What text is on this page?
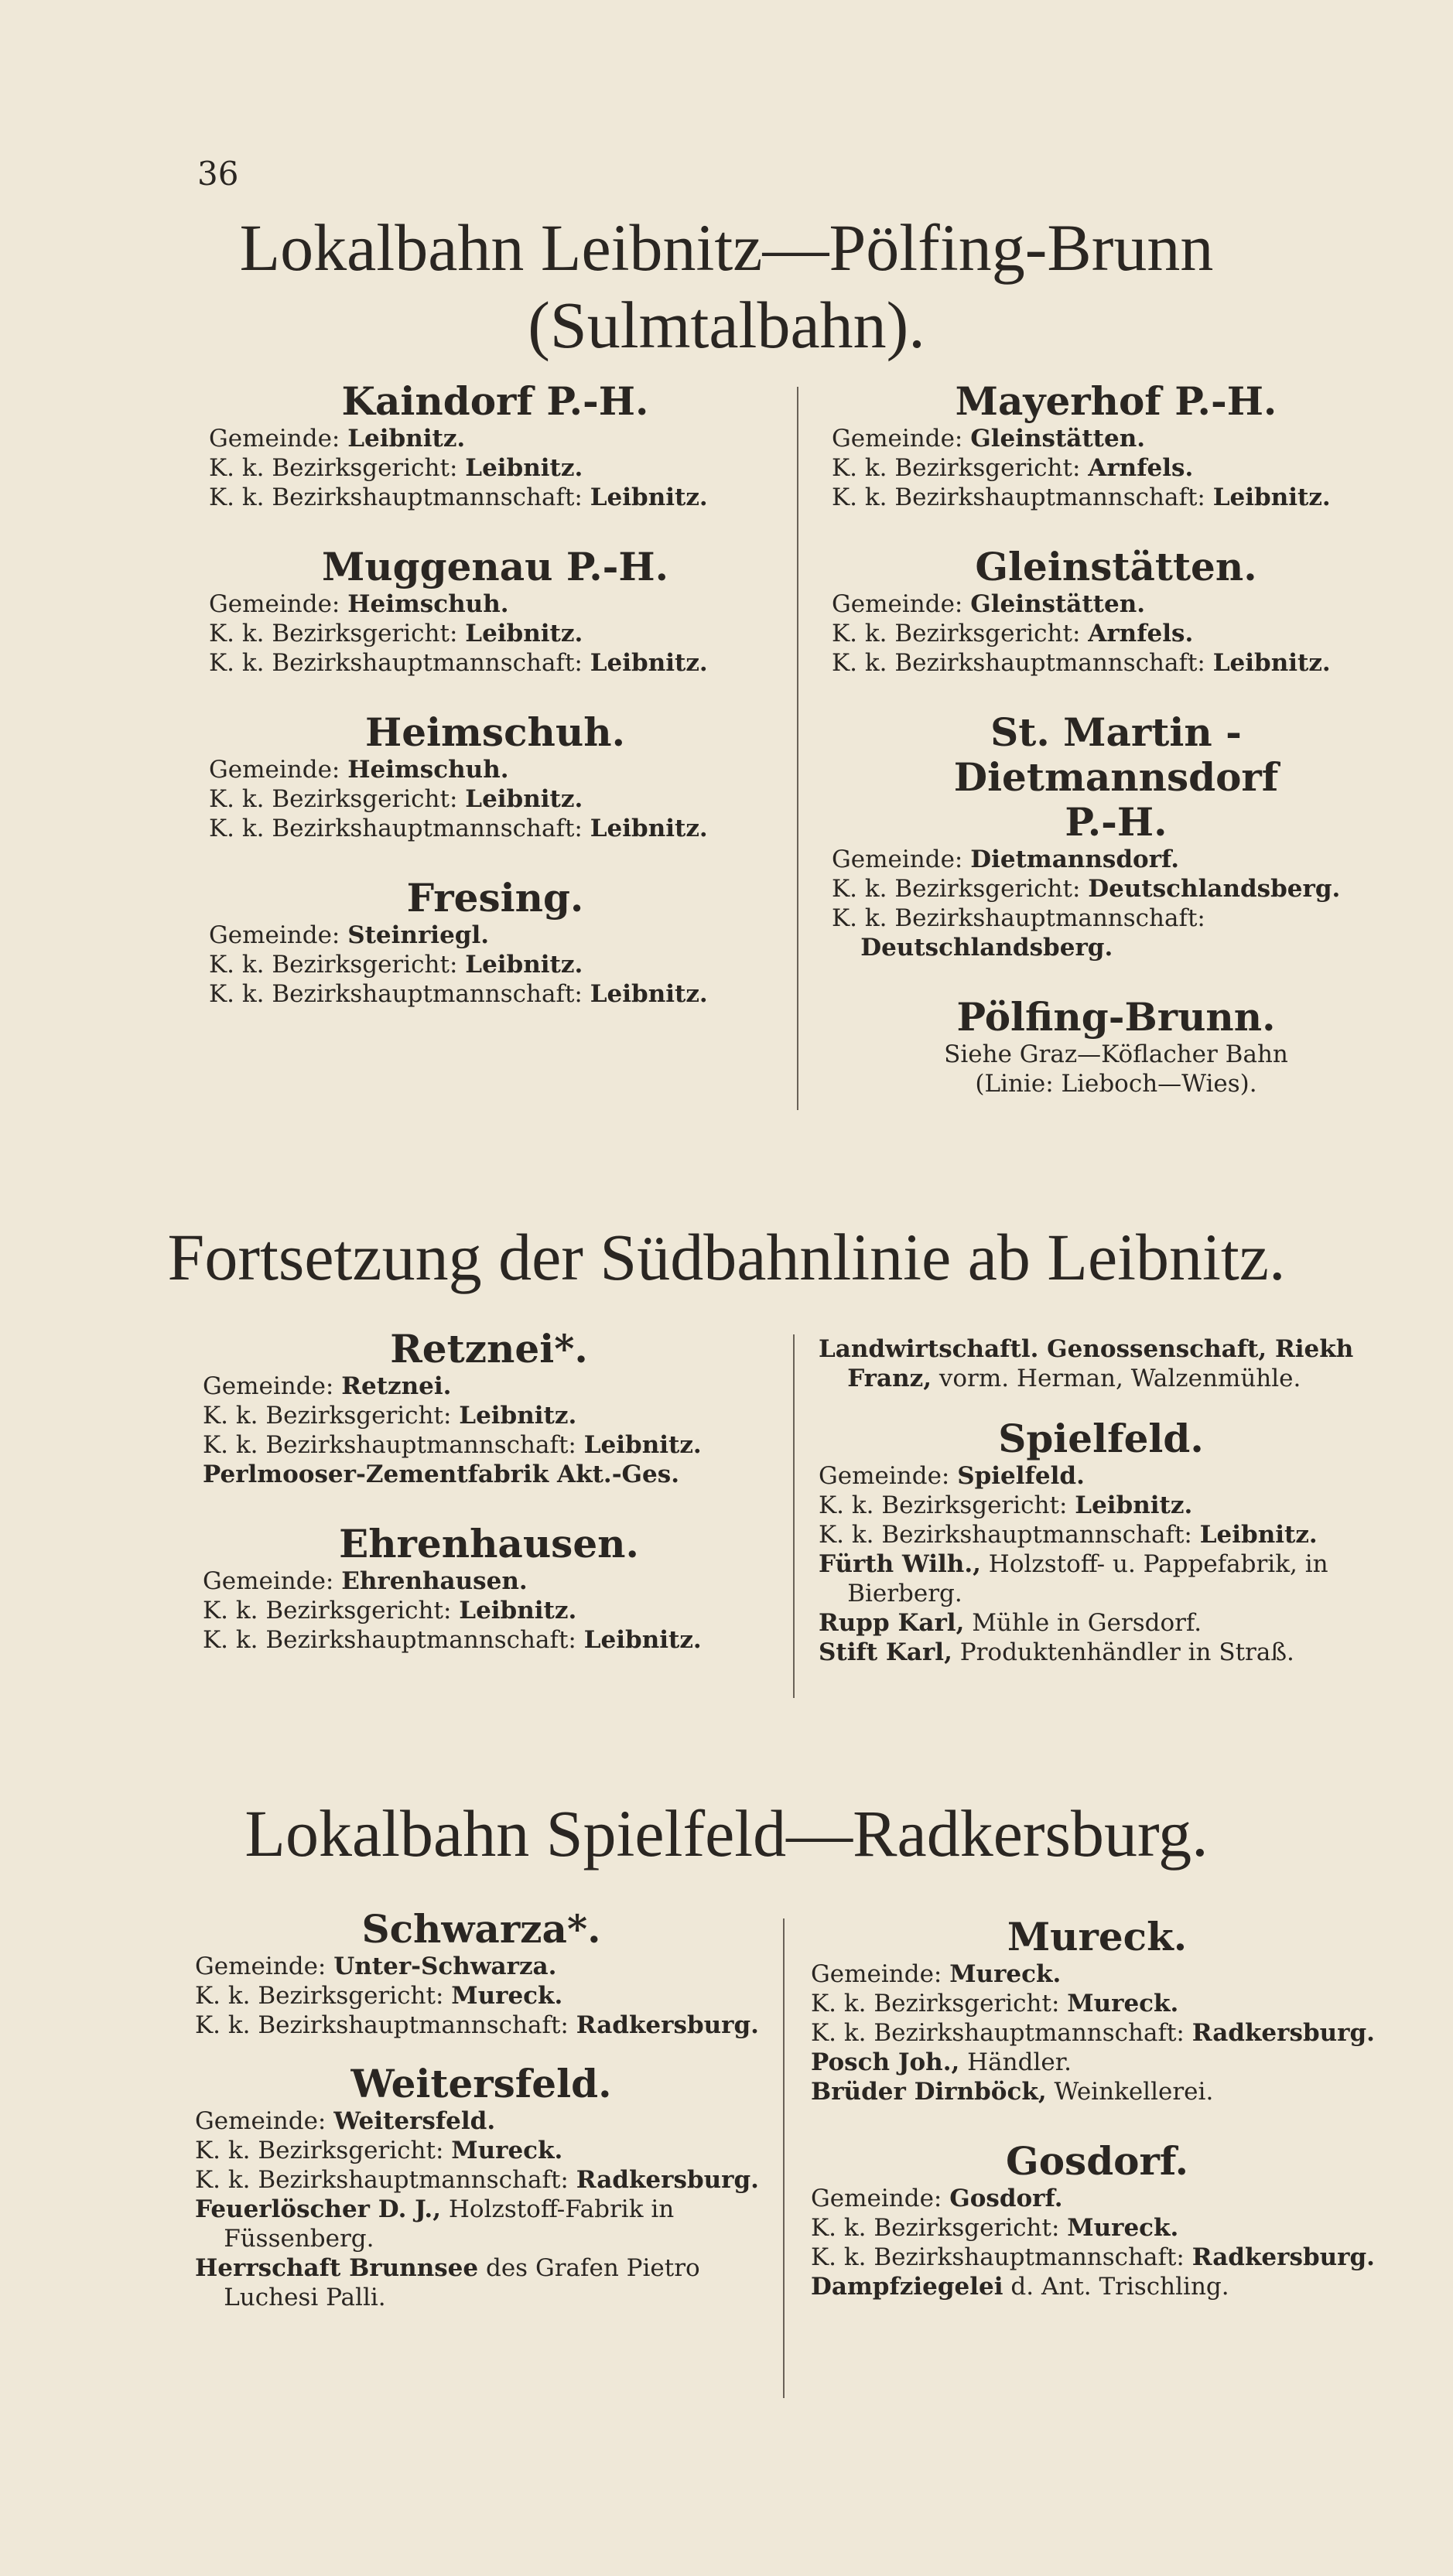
36
Lokalbahn Leibnitz—Pölfing-Brunn
(Sulmtalbahn).
Kaindorf P.-H.
Gemeinde: Leibnitz.
K. k. Bezirksgericht: Leibnitz.
K. k. Bezirkshauptmannschaft: Leibnitz.
Muggenau P.-H.
Gemeinde: Heimschuh.
K. k. Bezirksgericht: Leibnitz.
K. k. Bezirkshauptmannschaft: Leibnitz.
Heimschuh.
Gemeinde: Heimschuh.
K. k. Bezirksgericht: Leibnitz.
K. k. Bezirkshauptmannschaft: Leibnitz.
Fresing.
Gemeinde: Steinriegl.
K. k. Bezirksgericht: Leibnitz.
K. k. Bezirkshauptmannschaft: Leibnitz.
Mayerhof P.-H.
Gemeinde: Gleinstätten.
K. k. Bezirksgericht: Arnfels.
K. k. Bezirkshauptmannschaft: Leibnitz.
Gleinstätten.
Gemeinde: Gleinstätten.
K. k. Bezirksgericht: Arnfels.
K. k. Bezirkshauptmannschaft: Leibnitz.
St. Martin - Dietmannsdorf
P.-H.
Gemeinde: Dietmannsdorf.
K. k. Bezirksgericht: Deutschlandsberg.
K. k. Bezirkshauptmannschaft: Deutschlandsberg.
Pölfing-Brunn.
Siehe Graz—Köflacher Bahn
(Linie: Lieboch—Wies).
Fortsetzung der Südbahnlinie ab Leibnitz.
Retznei*.
Gemeinde: Retznei.
K. k. Bezirksgericht: Leibnitz.
K. k. Bezirkshauptmannschaft: Leibnitz.
Perlmooser-Zementfabrik Akt.-Ges.
Ehrenhausen.
Gemeinde: Ehrenhausen.
K. k. Bezirksgericht: Leibnitz.
K. k. Bezirkshauptmannschaft: Leibnitz.
Landwirtschaftl. Genossenschaft, Riekh Franz, vorm. Herman, Walzenmühle.
Spielfeld.
Gemeinde: Spielfeld.
K. k. Bezirksgericht: Leibnitz.
K. k. Bezirkshauptmannschaft: Leibnitz.
Fürth Wilh., Holzstoff- u. Pappefabrik, in Bierberg.
Rupp Karl, Mühle in Gersdorf.
Stift Karl, Produktenhändler in Straß.
Lokalbahn Spielfeld—Radkersburg.
Schwarza*.
Gemeinde: Unter-Schwarza.
K. k. Bezirksgericht: Mureck.
K. k. Bezirkshauptmannschaft: Radkersburg.
Weitersfeld.
Gemeinde: Weitersfeld.
K. k. Bezirksgericht: Mureck.
K. k. Bezirkshauptmannschaft: Radkersburg.
Feuerlöscher D. J., Holzstoff-Fabrik in Füssenberg.
Herrschaft Brunnsee des Grafen Pietro Luchesi Palli.
Mureck.
Gemeinde: Mureck.
K. k. Bezirksgericht: Mureck.
K. k. Bezirkshauptmannschaft: Radkersburg.
Posch Joh., Händler.
Brüder Dirnböck, Weinkellerei.
Gosdorf.
Gemeinde: Gosdorf.
K. k. Bezirksgericht: Mureck.
K. k. Bezirkshauptmannschaft: Radkersburg.
Dampfziegelei d. Ant. Trischling.
